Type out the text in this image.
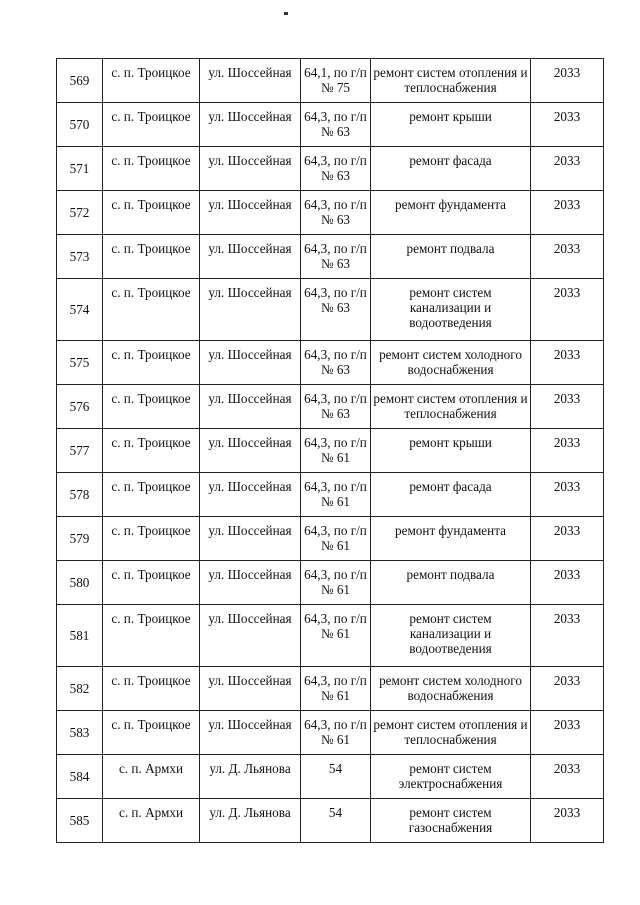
569	с. п. Троицкое	ул. Шоссейная	64,1, по г/п № 75	ремонт систем отопления и теплоснабжения	2033
570	с. п. Троицкое	ул. Шоссейная	64,3, по г/п № 63	ремонт крыши	2033
571	с. п. Троицкое	ул. Шоссейная	64,3, по г/п № 63	ремонт фасада	2033
572	с. п. Троицкое	ул. Шоссейная	64,3, по г/п № 63	ремонт фундамента	2033
573	с. п. Троицкое	ул. Шоссейная	64,3, по г/п № 63	ремонт подвала	2033
574	с. п. Троицкое	ул. Шоссейная	64,3, по г/п № 63	ремонт систем канализации и водоотведения	2033
575	с. п. Троицкое	ул. Шоссейная	64,3, по г/п № 63	ремонт систем холодного водоснабжения	2033
576	с. п. Троицкое	ул. Шоссейная	64,3, по г/п № 63	ремонт систем отопления и теплоснабжения	2033
577	с. п. Троицкое	ул. Шоссейная	64,3, по г/п № 61	ремонт крыши	2033
578	с. п. Троицкое	ул. Шоссейная	64,3, по г/п № 61	ремонт фасада	2033
579	с. п. Троицкое	ул. Шоссейная	64,3, по г/п № 61	ремонт фундамента	2033
580	с. п. Троицкое	ул. Шоссейная	64,3, по г/п № 61	ремонт подвала	2033
581	с. п. Троицкое	ул. Шоссейная	64,3, по г/п № 61	ремонт систем канализации и водоотведения	2033
582	с. п. Троицкое	ул. Шоссейная	64,3, по г/п № 61	ремонт систем холодного водоснабжения	2033
583	с. п. Троицкое	ул. Шоссейная	64,3, по г/п № 61	ремонт систем отопления и теплоснабжения	2033
584	с. п. Армхи	ул. Д. Льянова	54	ремонт систем электроснабжения	2033
585	с. п. Армхи	ул. Д. Льянова	54	ремонт систем газоснабжения	2033
